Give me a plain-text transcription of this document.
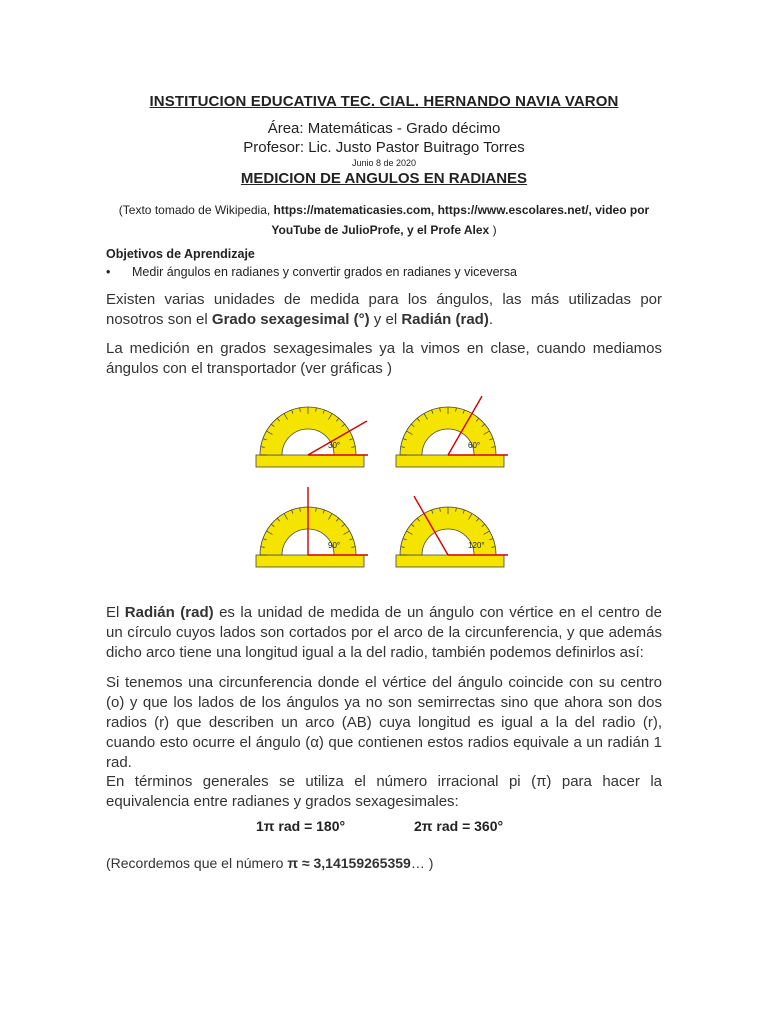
INSTITUCION EDUCATIVA TEC. CIAL. HERNANDO NAVIA VARON
Área: Matemáticas - Grado décimo
Profesor: Lic. Justo Pastor Buitrago Torres
Junio 8 de 2020
MEDICION DE ANGULOS EN RADIANES
(Texto tomado de Wikipedia, https://matematicasies.com, https://www.escolares.net/, video por YouTube de JulioProfe, y el Profe Alex )
Objetivos de Aprendizaje
• Medir ángulos en radianes y convertir grados en radianes y viceversa
Existen varias unidades de medida para los ángulos, las más utilizadas por nosotros son el Grado sexagesimal (°) y el Radián (rad).
La medición en grados sexagesimales ya la vimos en clase, cuando mediamos ángulos con el transportador (ver gráficas )
30°	60°
90°	120°
El Radián (rad) es la unidad de medida de un ángulo con vértice en el centro de un círculo cuyos lados son cortados por el arco de la circunferencia, y que además dicho arco tiene una longitud igual a la del radio, también podemos definirlos así:
Si tenemos una circunferencia donde el vértice del ángulo coincide con su centro (o) y que los lados de los ángulos ya no son semirrectas sino que ahora son dos radios (r) que describen un arco (AB) cuya longitud es igual a la del radio (r), cuando esto ocurre el ángulo (α) que contienen estos radios equivale a un radián 1 rad.
En términos generales se utiliza el número irracional pi (π) para hacer la equivalencia entre radianes y grados sexagesimales:
1π rad = 180°	2π rad = 360°
(Recordemos que el número π ≈ 3,14159265359… )
